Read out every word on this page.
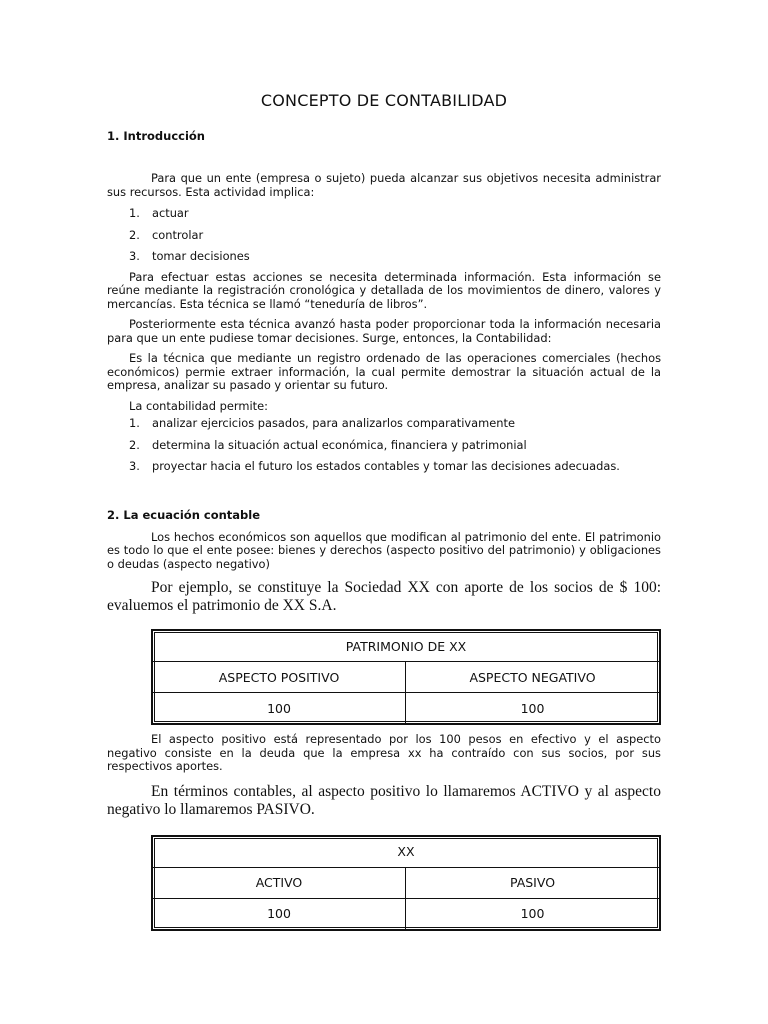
CONCEPTO DE CONTABILIDAD
1. Introducción

Para que un ente (empresa o sujeto) pueda alcanzar sus objetivos necesita administrar sus recursos. Esta actividad implica:

1. actuar
2. controlar
3. tomar decisiones

Para efectuar estas acciones se necesita determinada información. Esta información se reúne mediante la registración cronológica y detallada de los movimientos de dinero, valores y mercancías. Esta técnica se llamó “teneduría de libros”.

Posteriormente esta técnica avanzó hasta poder proporcionar toda la información necesaria para que un ente pudiese tomar decisiones. Surge, entonces, la Contabilidad:

Es la técnica que mediante un registro ordenado de las operaciones comerciales (hechos económicos) permie extraer información, la cual permite demostrar la situación actual de la empresa, analizar su pasado y orientar su futuro.

La contabilidad permite:

1. analizar ejercicios pasados, para analizarlos comparativamente
2. determina la situación actual económica, financiera y patrimonial
3. proyectar hacia el futuro los estados contables y tomar las decisiones adecuadas.
2. La ecuación contable

Los hechos económicos son aquellos que modifican al patrimonio del ente. El patrimonio es todo lo que el ente posee: bienes y derechos (aspecto positivo del patrimonio) y obligaciones o deudas (aspecto negativo)

Por ejemplo, se constituye la Sociedad XX con aporte de los socios de $ 100: evaluemos el patrimonio de XX S.A.

PATRIMONIO DE XX	
ASPECTO POSITIVO	ASPECTO NEGATIVO
100	100

El aspecto positivo está representado por los 100 pesos en efectivo y el aspecto negativo consiste en la deuda que la empresa xx ha contraído con sus socios, por sus respectivos aportes.

En términos contables, al aspecto positivo lo llamaremos ACTIVO y al aspecto negativo lo llamaremos PASIVO.

XX	
ACTIVO	PASIVO
100	100
